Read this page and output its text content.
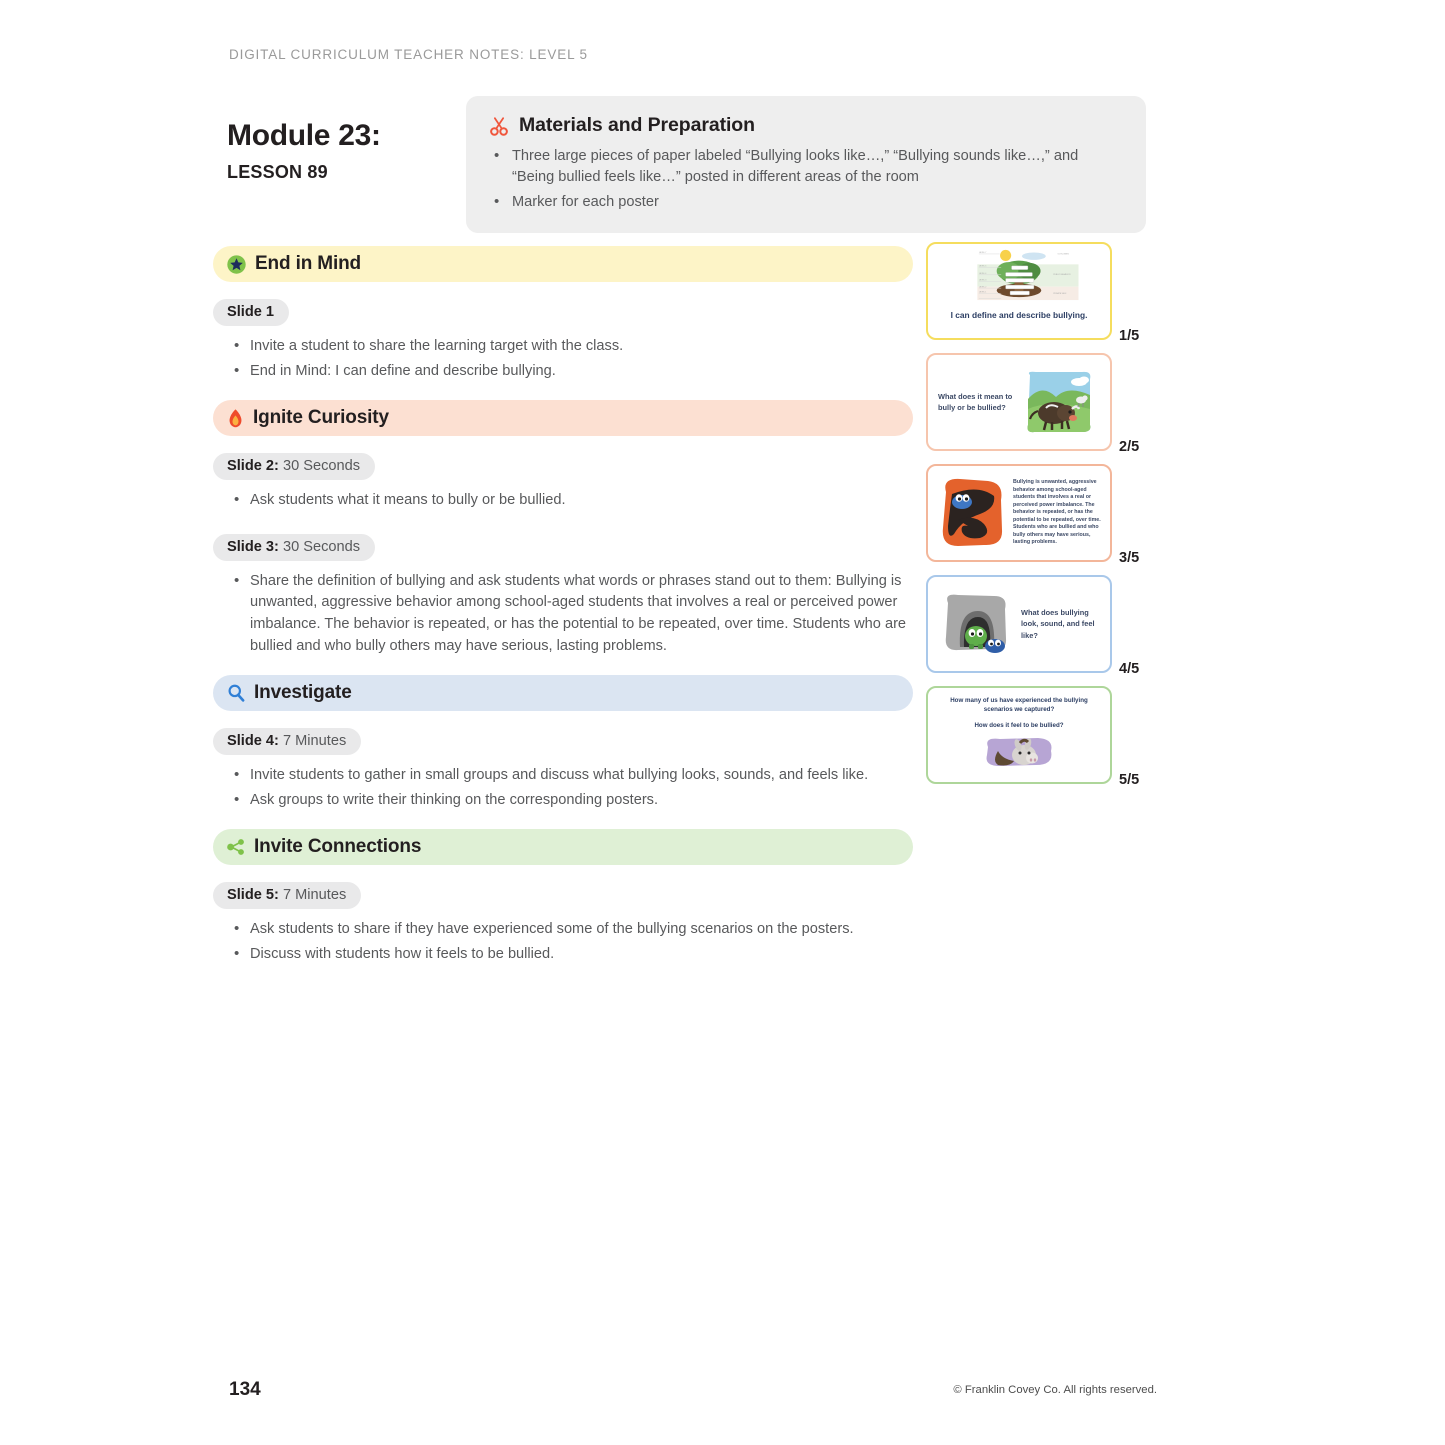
DIGITAL CURRICULUM TEACHER NOTES: LEVEL 5
Module 23:
LESSON 89
Materials and Preparation
• Three large pieces of paper labeled “Bullying looks like…,” “Bullying sounds like…,” and “Being bullied feels like…” posted in different areas of the room
• Marker for each poster
End in Mind
Slide 1
• Invite a student to share the learning target with the class.
• End in Mind: I can define and describe bullying.
Ignite Curiosity
Slide 2: 30 Seconds
• Ask students what it means to bully or be bullied.
Slide 3: 30 Seconds
• Share the definition of bullying and ask students what words or phrases stand out to them: Bullying is unwanted, aggressive behavior among school-aged students that involves a real or perceived power imbalance. The behavior is repeated, or has the potential to be repeated, over time. Students who are bullied and who bully others may have serious, lasting problems.
Investigate
Slide 4: 7 Minutes
• Invite students to gather in small groups and discuss what bullying looks, sounds, and feels like.
• Ask groups to write their thinking on the corresponding posters.
Invite Connections
Slide 5: 7 Minutes
• Ask students to share if they have experienced some of the bullying scenarios on the posters.
• Discuss with students how it feels to be bullied.
LEVEL 7
LEVEL 5
LEVEL 4
LEVEL 3
LEVEL 2
LEVEL 1
OUTCOMES
PUBLIC BEHAVIOR
PRIVATE SELF
I can define and describe bullying.
1/5
What does it mean to bully or be bullied?
2/5
Bullying is unwanted, aggressive behavior among school-aged students that involves a real or perceived power imbalance. The behavior is repeated, or has the potential to be repeated, over time. Students who are bullied and who bully others may have serious, lasting problems.
3/5
What does bullying look, sound, and feel like?
4/5
How many of us have experienced the bullying scenarios we captured?
How does it feel to be bullied?
5/5
134	© Franklin Covey Co. All rights reserved.
